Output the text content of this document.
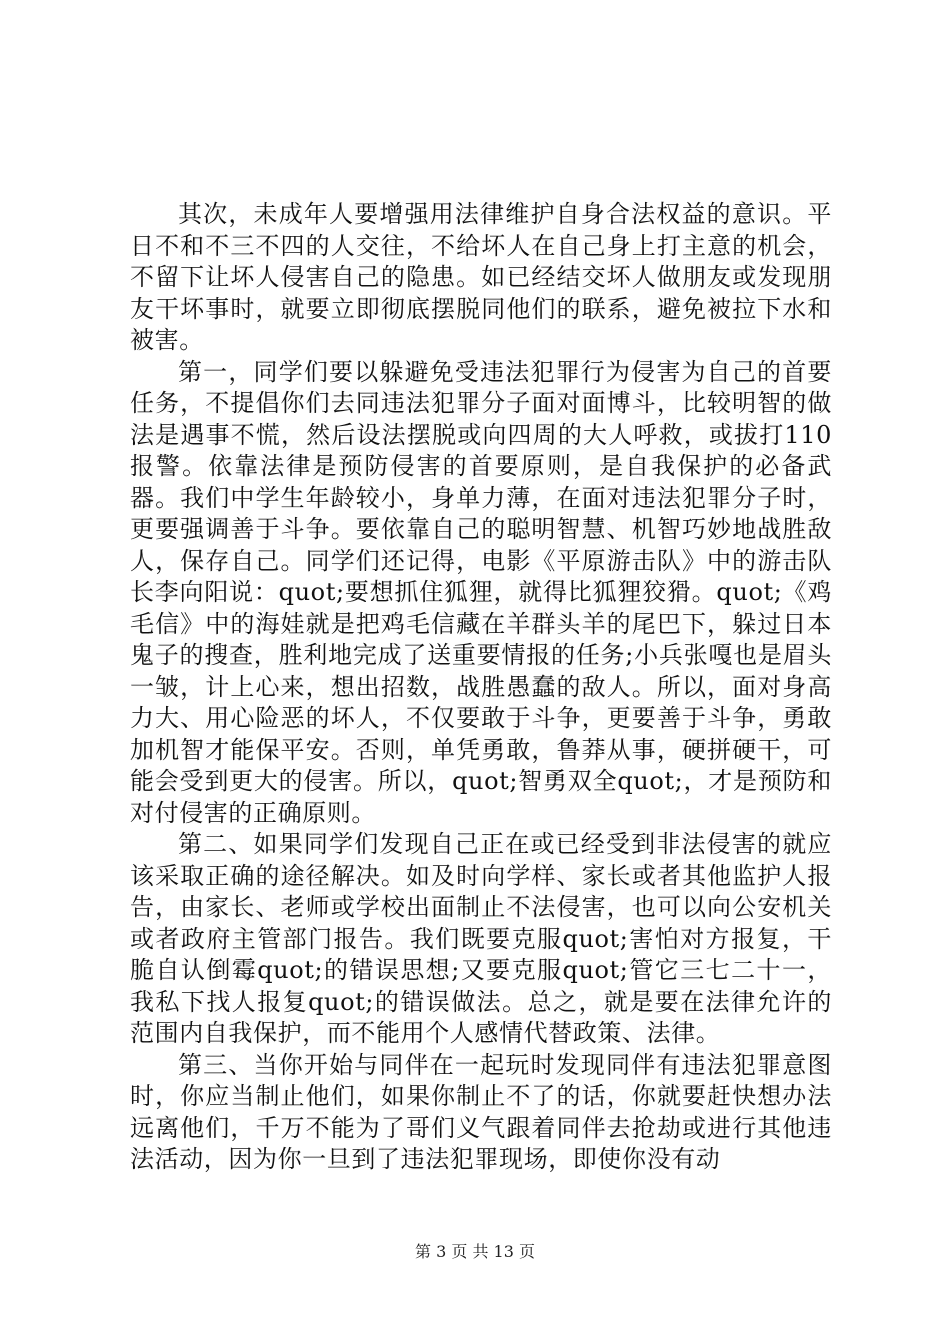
其次，未成年人要增强用法律维护自身合法权益的意识。平日不和不三不四的人交往，不给坏人在自己身上打主意的机会，不留下让坏人侵害自己的隐患。如已经结交坏人做朋友或发现朋友干坏事时，就要立即彻底摆脱同他们的联系，避免被拉下水和被害。

第一，同学们要以躲避免受违法犯罪行为侵害为自己的首要任务，不提倡你们去同违法犯罪分子面对面博斗，比较明智的做法是遇事不慌，然后设法摆脱或向四周的大人呼救，或拔打110报警。依靠法律是预防侵害的首要原则，是自我保护的必备武器。我们中学生年龄较小，身单力薄，在面对违法犯罪分子时，更要强调善于斗争。要依靠自己的聪明智慧、机智巧妙地战胜敌人，保存自己。同学们还记得，电影《平原游击队》中的游击队长李向阳说：quot;要想抓住狐狸，就得比狐狸狡猾。quot;《鸡毛信》中的海娃就是把鸡毛信藏在羊群头羊的尾巴下，躲过日本鬼子的搜查，胜利地完成了送重要情报的任务;小兵张嘎也是眉头一皱，计上心来，想出招数，战胜愚蠢的敌人。所以，面对身高力大、用心险恶的坏人，不仅要敢于斗争，更要善于斗争，勇敢加机智才能保平安。否则，单凭勇敢，鲁莽从事，硬拼硬干，可能会受到更大的侵害。所以，quot;智勇双全quot;，才是预防和对付侵害的正确原则。

第二、如果同学们发现自己正在或已经受到非法侵害的就应该采取正确的途径解决。如及时向学样、家长或者其他监护人报告，由家长、老师或学校出面制止不法侵害，也可以向公安机关或者政府主管部门报告。我们既要克服quot;害怕对方报复，干脆自认倒霉quot;的错误思想;又要克服quot;管它三七二十一，我私下找人报复quot;的错误做法。总之，就是要在法律允许的范围内自我保护，而不能用个人感情代替政策、法律。

第三、当你开始与同伴在一起玩时发现同伴有违法犯罪意图时，你应当制止他们，如果你制止不了的话，你就要赶快想办法远离他们，千万不能为了哥们义气跟着同伴去抢劫或进行其他违法活动，因为你一旦到了违法犯罪现场，即使你没有动

第 3 页 共 13 页
